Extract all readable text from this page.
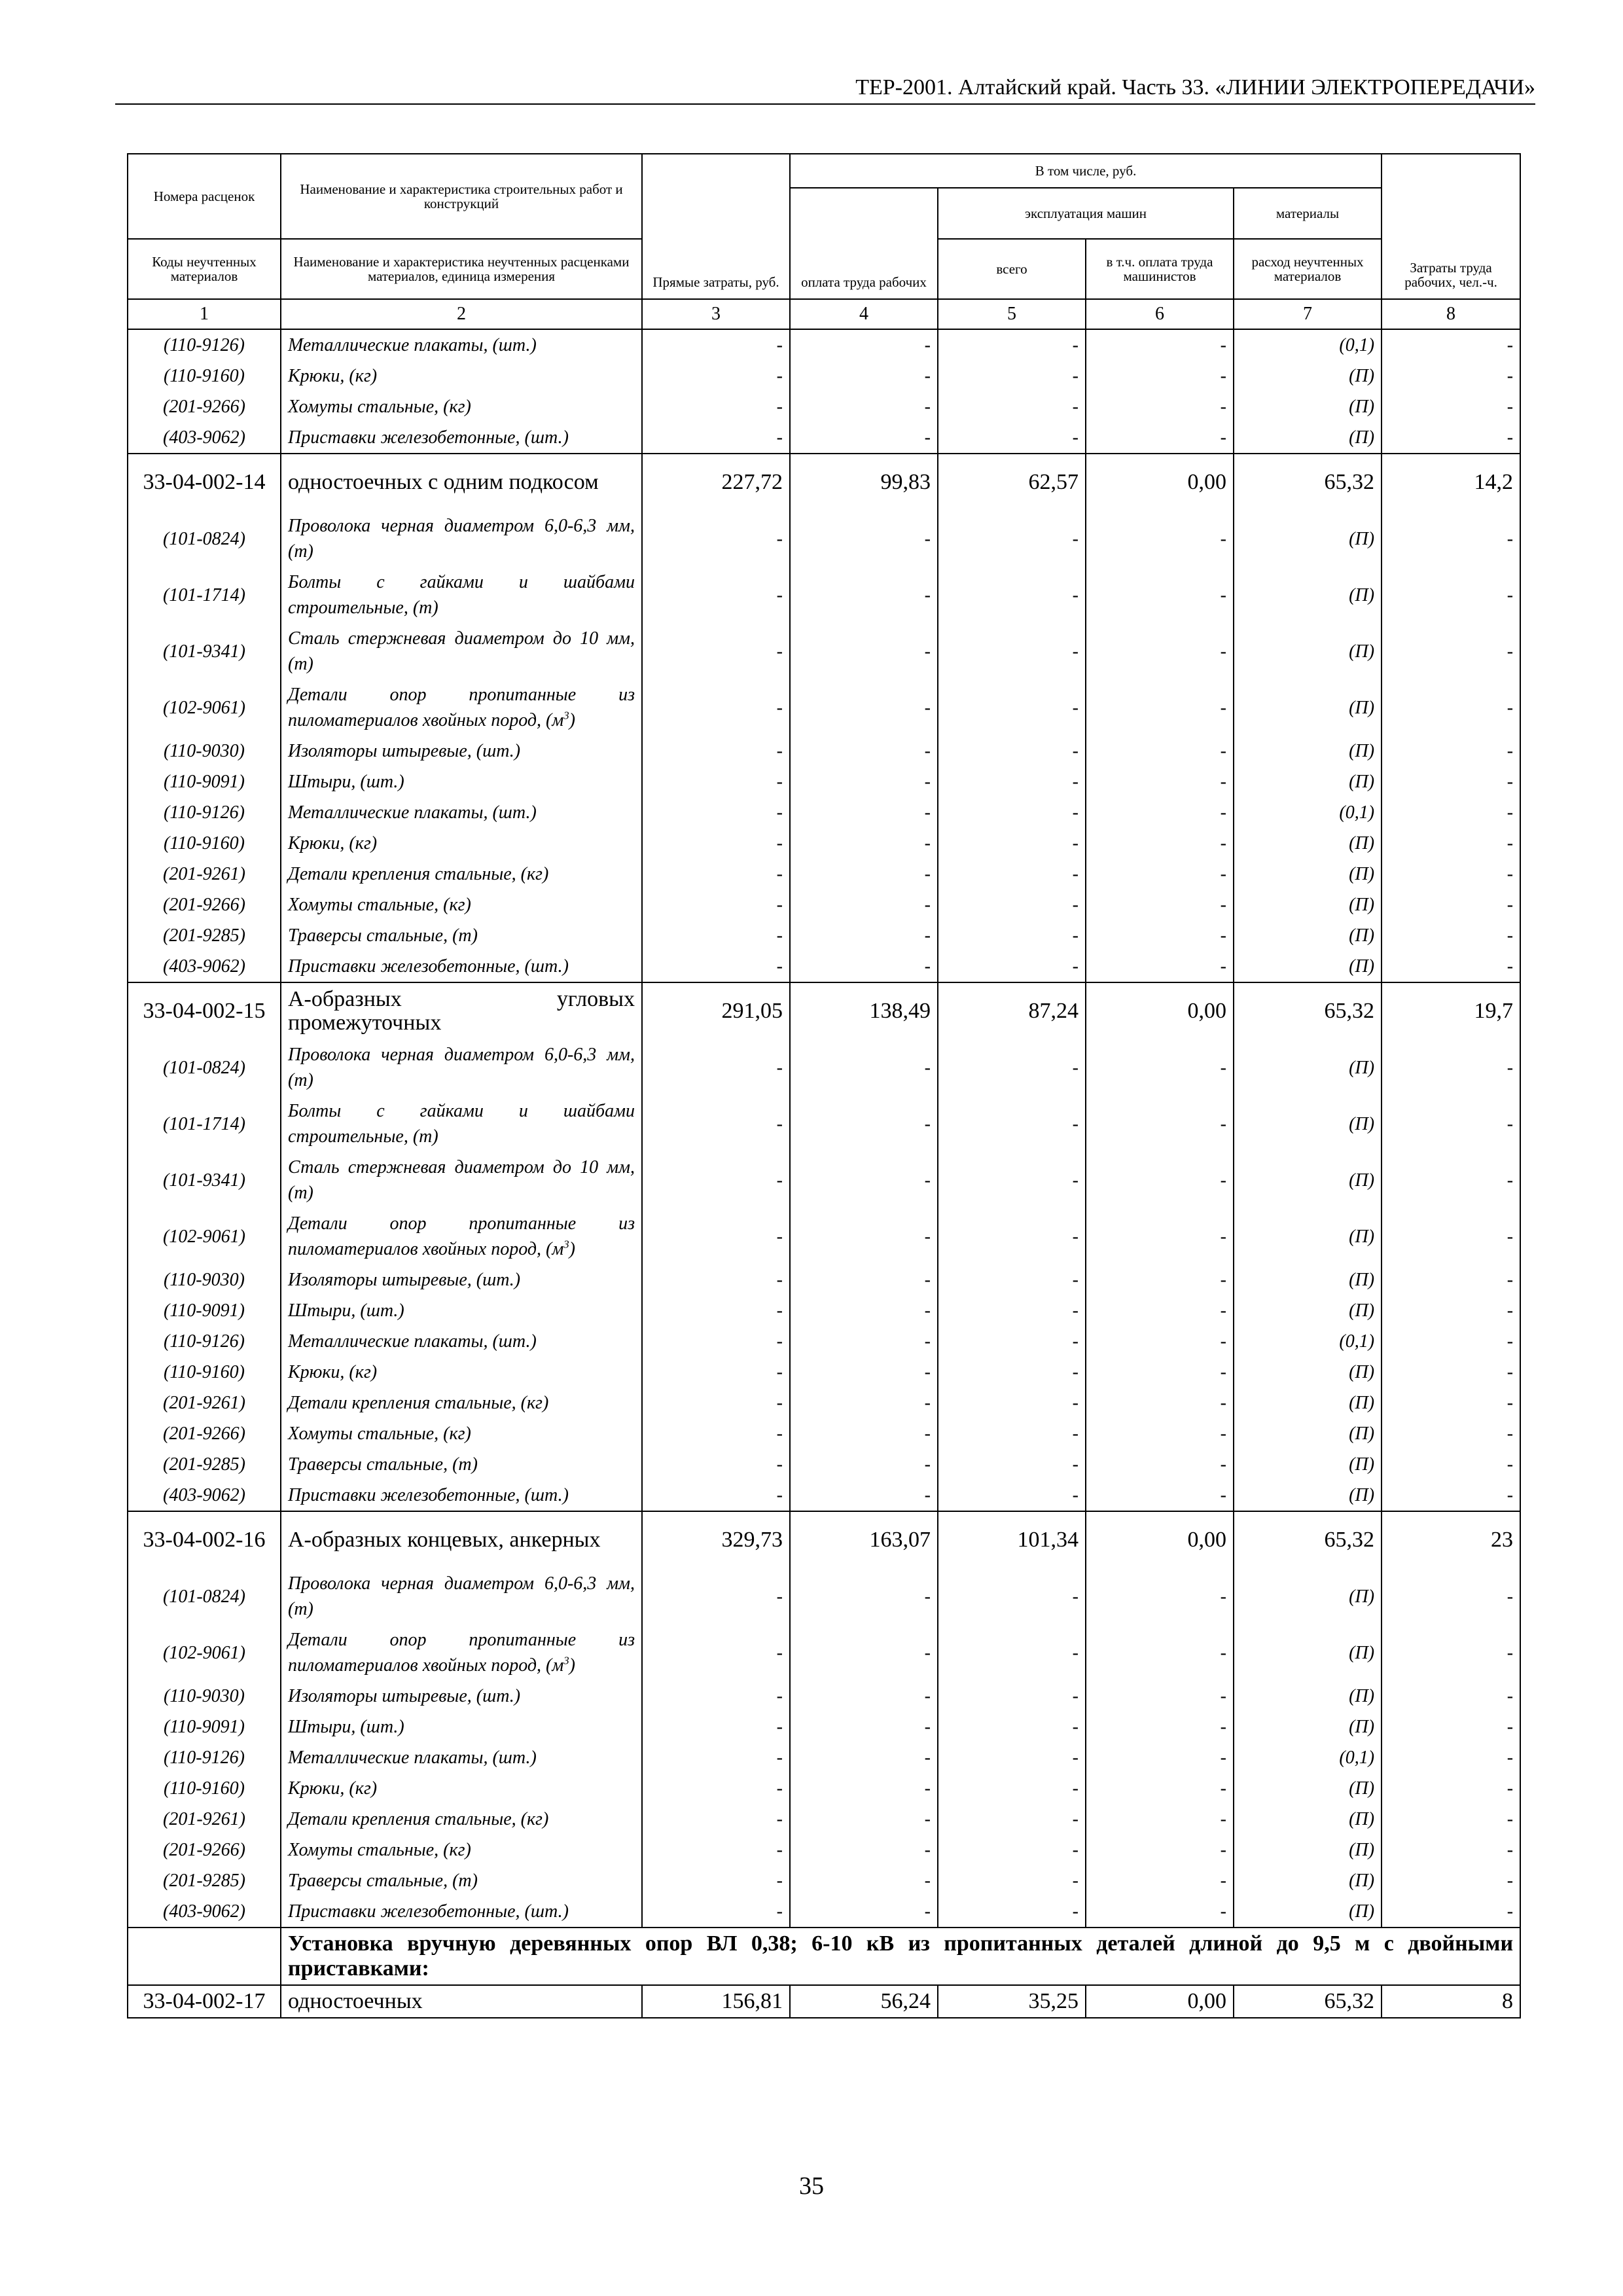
ТЕР-2001. Алтайский край. Часть 33. «ЛИНИИ ЭЛЕКТРОПЕРЕДАЧИ»
Номера расценок	Наименование и характеристика строительных работ и конструкций	Прямые затраты, руб.	В том числе, руб.				Затраты труда рабочих, чел.-ч.
			оплата труда рабочих	эксплуатация машин		материалы	
Коды неучтенных материалов	Наименование и характеристика неучтенных расценками материалов, единица измерения			всего	в т.ч. оплата труда машинистов	расход неучтенных материалов	
1	2	3	4	5	6	7	8
(110-9126)	Металлические плакаты, (шт.)	-	-	-	-	(0,1)	-
(110-9160)	Крюки, (кг)	-	-	-	-	(П)	-
(201-9266)	Хомуты стальные, (кг)	-	-	-	-	(П)	-
(403-9062)	Приставки железобетонные, (шт.)	-	-	-	-	(П)	-
33-04-002-14	одностоечных с одним подкосом	227,72	99,83	62,57	0,00	65,32	14,2
(101-0824)	Проволока черная диаметром 6,0-6,3 мм, (т)	-	-	-	-	(П)	-
(101-1714)	Болты с гайками и шайбами строительные, (т)	-	-	-	-	(П)	-
(101-9341)	Сталь стержневая диаметром до 10 мм, (т)	-	-	-	-	(П)	-
(102-9061)	Детали опор пропитанные из пиломатериалов хвойных пород, $(м^3)$	-	-	-	-	(П)	-
(110-9030)	Изоляторы штыревые, (шт.)	-	-	-	-	(П)	-
(110-9091)	Штыри, (шт.)	-	-	-	-	(П)	-
(110-9126)	Металлические плакаты, (шт.)	-	-	-	-	(0,1)	-
(110-9160)	Крюки, (кг)	-	-	-	-	(П)	-
(201-9261)	Детали крепления стальные, (кг)	-	-	-	-	(П)	-
(201-9266)	Хомуты стальные, (кг)	-	-	-	-	(П)	-
(201-9285)	Траверсы стальные, (т)	-	-	-	-	(П)	-
(403-9062)	Приставки железобетонные, (шт.)	-	-	-	-	(П)	-
33-04-002-15	А-образных угловых промежуточных	291,05	138,49	87,24	0,00	65,32	19,7
(101-0824)	Проволока черная диаметром 6,0-6,3 мм, (т)	-	-	-	-	(П)	-
(101-1714)	Болты с гайками и шайбами строительные, (т)	-	-	-	-	(П)	-
(101-9341)	Сталь стержневая диаметром до 10 мм, (т)	-	-	-	-	(П)	-
(102-9061)	Детали опор пропитанные из пиломатериалов хвойных пород, $(м^3)$	-	-	-	-	(П)	-
(110-9030)	Изоляторы штыревые, (шт.)	-	-	-	-	(П)	-
(110-9091)	Штыри, (шт.)	-	-	-	-	(П)	-
(110-9126)	Металлические плакаты, (шт.)	-	-	-	-	(0,1)	-
(110-9160)	Крюки, (кг)	-	-	-	-	(П)	-
(201-9261)	Детали крепления стальные, (кг)	-	-	-	-	(П)	-
(201-9266)	Хомуты стальные, (кг)	-	-	-	-	(П)	-
(201-9285)	Траверсы стальные, (т)	-	-	-	-	(П)	-
(403-9062)	Приставки железобетонные, (шт.)	-	-	-	-	(П)	-
33-04-002-16	А-образных концевых, анкерных	329,73	163,07	101,34	0,00	65,32	23
(101-0824)	Проволока черная диаметром 6,0-6,3 мм, (т)	-	-	-	-	(П)	-
(102-9061)	Детали опор пропитанные из пиломатериалов хвойных пород, $(м^3)$	-	-	-	-	(П)	-
(110-9030)	Изоляторы штыревые, (шт.)	-	-	-	-	(П)	-
(110-9091)	Штыри, (шт.)	-	-	-	-	(П)	-
(110-9126)	Металлические плакаты, (шт.)	-	-	-	-	(0,1)	-
(110-9160)	Крюки, (кг)	-	-	-	-	(П)	-
(201-9261)	Детали крепления стальные, (кг)	-	-	-	-	(П)	-
(201-9266)	Хомуты стальные, (кг)	-	-	-	-	(П)	-
(201-9285)	Траверсы стальные, (т)	-	-	-	-	(П)	-
(403-9062)	Приставки железобетонные, (шт.)	-	-	-	-	(П)	-
	Установка вручную деревянных опор ВЛ 0,38; 6-10 кВ из пропитанных деталей длиной до 9,5 м с двойными приставками:						
33-04-002-17	одностоечных	156,81	56,24	35,25	0,00	65,32	8
35
